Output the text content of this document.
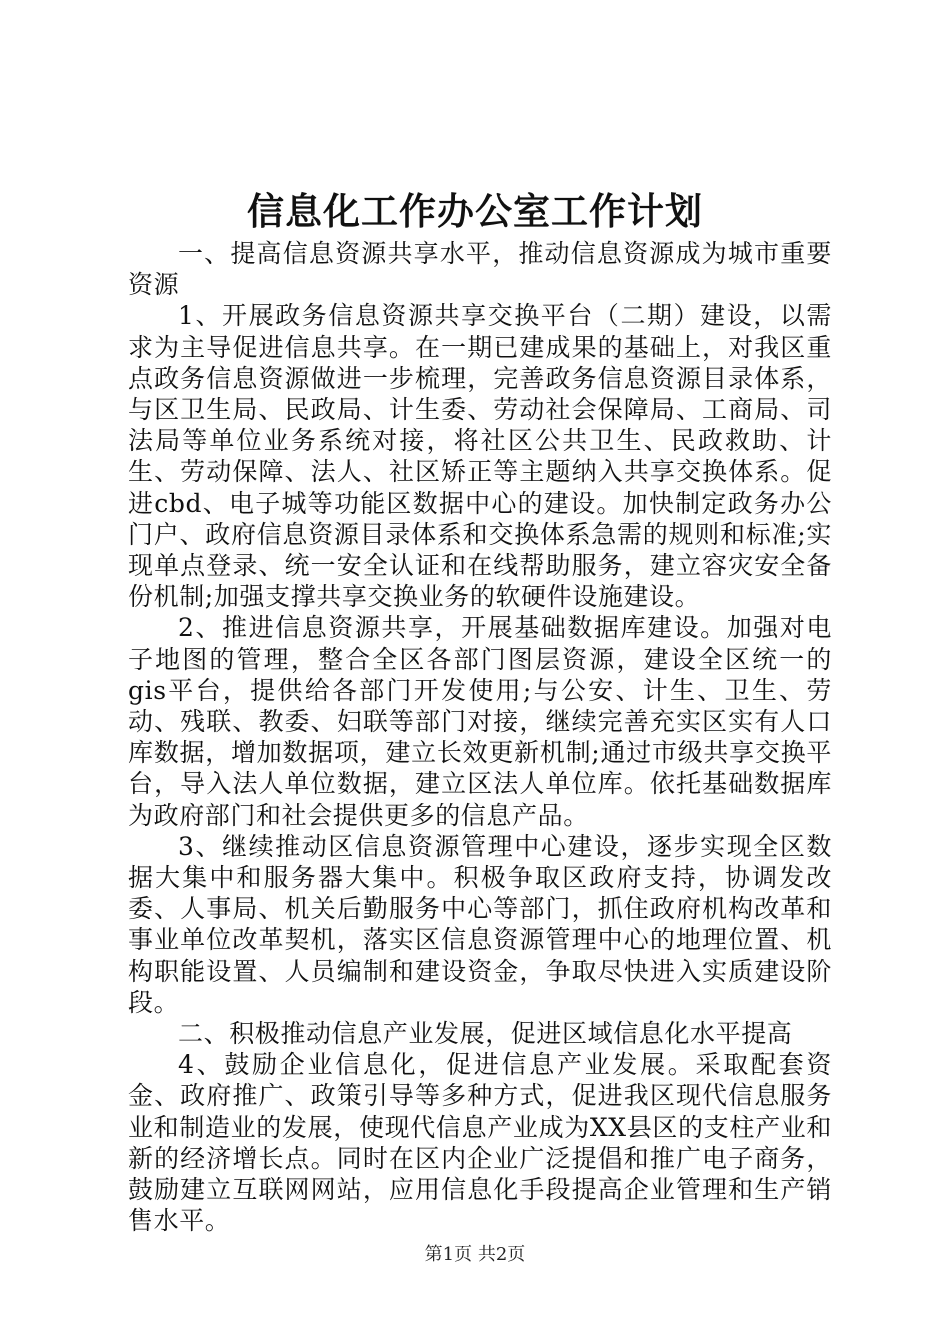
信息化工作办公室工作计划

一、提高信息资源共享水平，推动信息资源成为城市重要资源

1、开展政务信息资源共享交换平台（二期）建设，以需求为主导促进信息共享。在一期已建成果的基础上，对我区重点政务信息资源做进一步梳理，完善政务信息资源目录体系，与区卫生局、民政局、计生委、劳动社会保障局、工商局、司法局等单位业务系统对接，将社区公共卫生、民政救助、计生、劳动保障、法人、社区矫正等主题纳入共享交换体系。促进cbd、电子城等功能区数据中心的建设。加快制定政务办公门户、政府信息资源目录体系和交换体系急需的规则和标准;实现单点登录、统一安全认证和在线帮助服务，建立容灾安全备份机制;加强支撑共享交换业务的软硬件设施建设。

2、推进信息资源共享，开展基础数据库建设。加强对电子地图的管理，整合全区各部门图层资源，建设全区统一的gis平台，提供给各部门开发使用;与公安、计生、卫生、劳动、残联、教委、妇联等部门对接，继续完善充实区实有人口库数据，增加数据项，建立长效更新机制;通过市级共享交换平台，导入法人单位数据，建立区法人单位库。依托基础数据库为政府部门和社会提供更多的信息产品。

3、继续推动区信息资源管理中心建设，逐步实现全区数据大集中和服务器大集中。积极争取区政府支持，协调发改委、人事局、机关后勤服务中心等部门，抓住政府机构改革和事业单位改革契机，落实区信息资源管理中心的地理位置、机构职能设置、人员编制和建设资金，争取尽快进入实质建设阶段。

二、积极推动信息产业发展，促进区域信息化水平提高

4、鼓励企业信息化，促进信息产业发展。采取配套资金、政府推广、政策引导等多种方式，促进我区现代信息服务业和制造业的发展，使现代信息产业成为XX县区的支柱产业和新的经济增长点。同时在区内企业广泛提倡和推广电子商务，鼓励建立互联网网站，应用信息化手段提高企业管理和生产销售水平。

第1页 共2页
